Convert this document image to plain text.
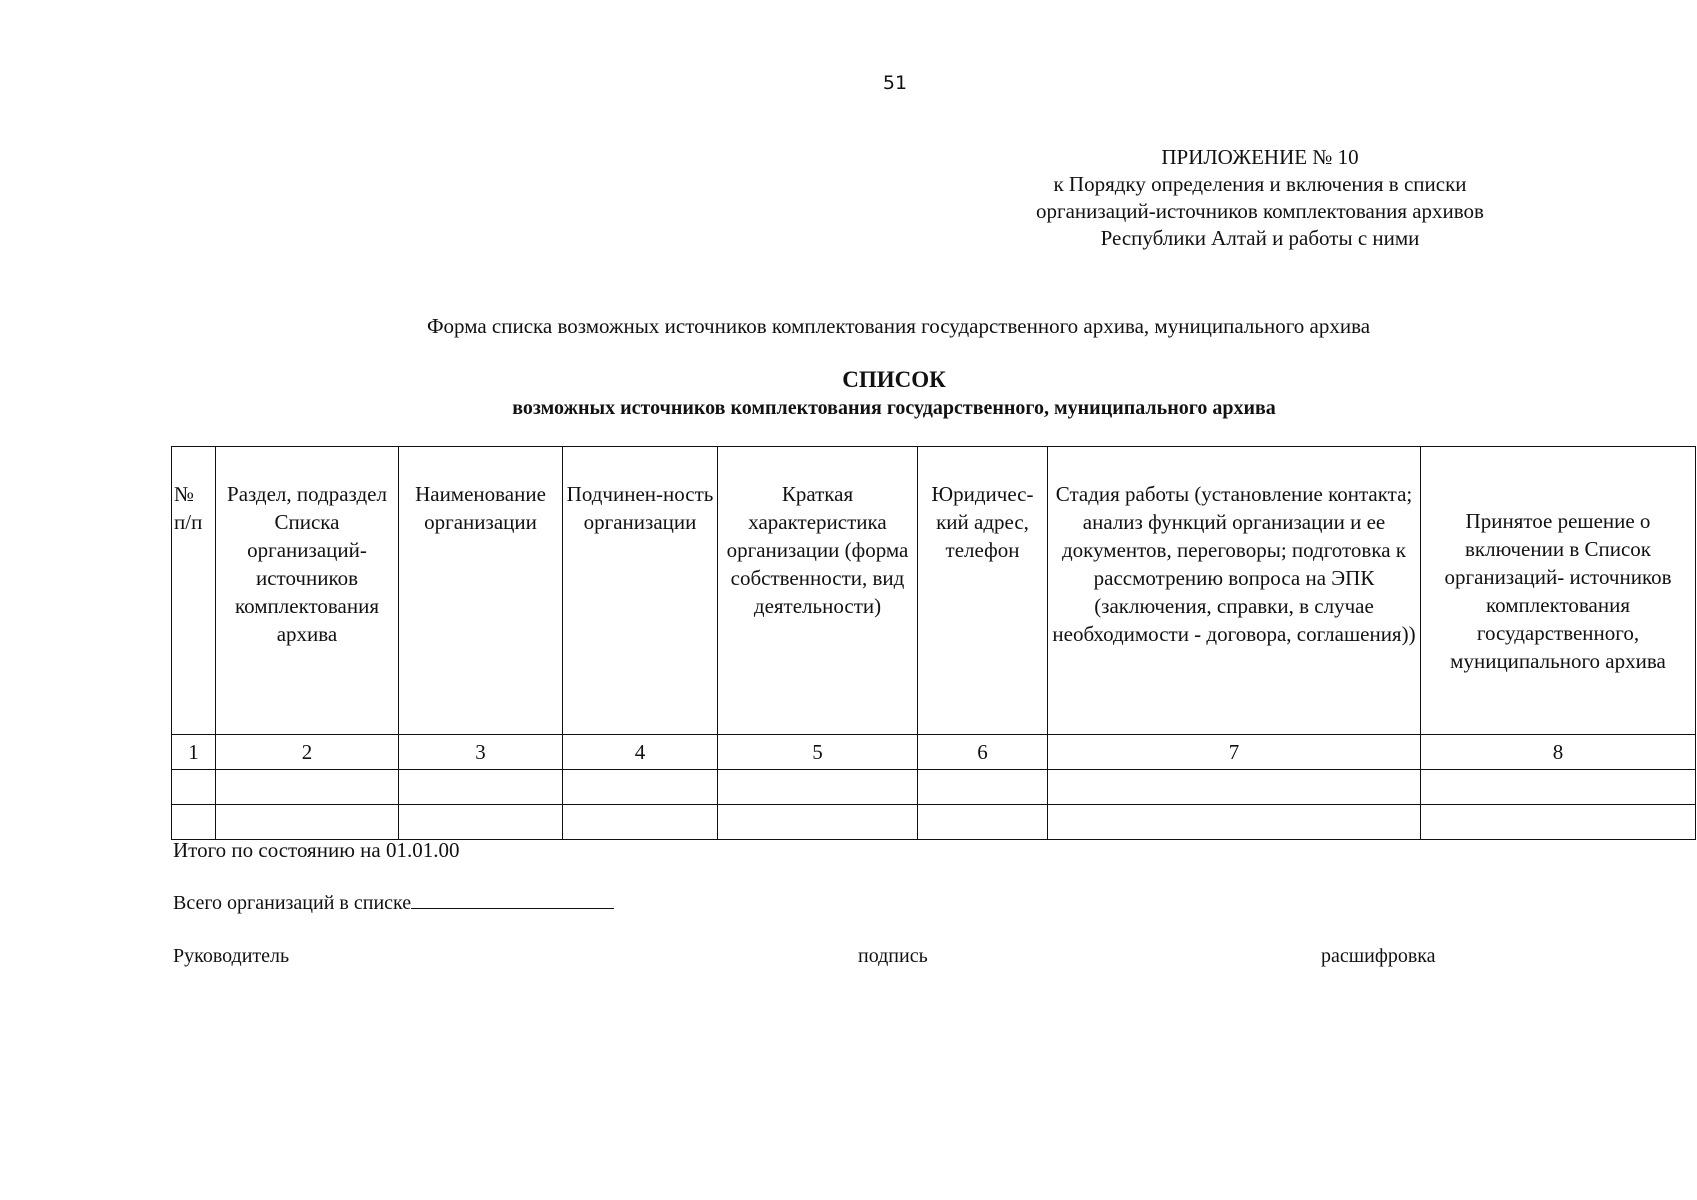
51
ПРИЛОЖЕНИЕ № 10
к Порядку определения и включения в списки
организаций-источников комплектования архивов
Республики Алтай и работы с ними
Форма списка возможных источников комплектования государственного архива, муниципального архива
СПИСОК
возможных источников комплектования государственного, муниципального архива
№ п/п	Раздел, подраздел Списка организаций-источников комплектования архива	Наименование организации	Подчинен-ность организации	Краткая характеристика организации (форма собственности, вид деятельности)	Юридичес-кий адрес, телефон	Стадия работы (установление контакта; анализ функций организации и ее документов, переговоры; подготовка к рассмотрению вопроса на ЭПК (заключения, справки, в случае необходимости - договора, соглашения))	Принятое решение о включении в Список организаций- источников комплектования государственного, муниципального архива
1	2	3	4	5	6	7	8

Итого по состоянию на 01.01.00
Всего организаций в списке
Руководитель	подпись	расшифровка
